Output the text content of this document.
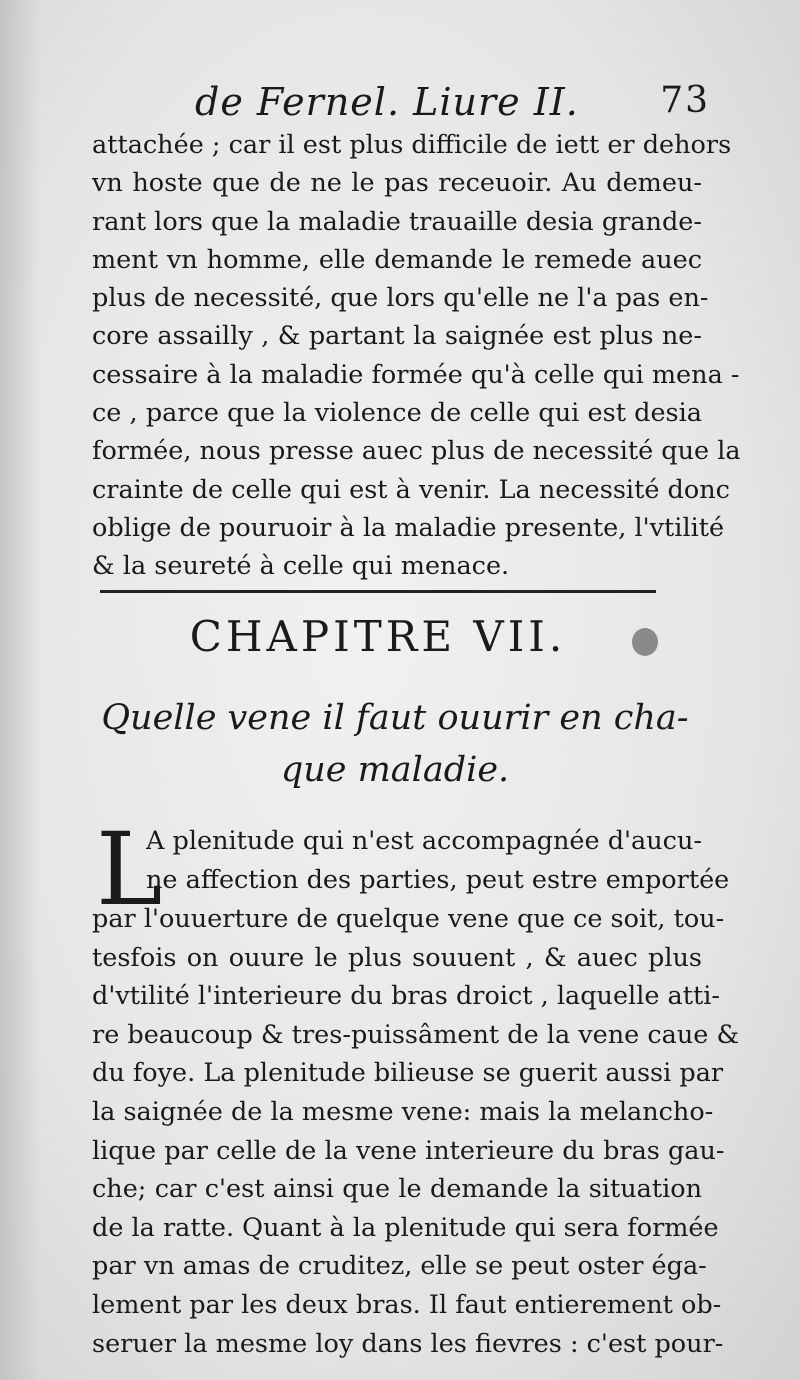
de Fernel. Liure II. 73
attachée ; car il est plus difficile de iett er dehors
vn hoste que de ne le pas receuoir. Au demeu-
rant lors que la maladie trauaille desia grande-
ment vn homme, elle demande le remede auec
plus de necessité, que lors qu'elle ne l'a pas en-
core assailly , & partant la saignée est plus ne-
cessaire à la maladie formée qu'à celle qui mena -
ce , parce que la violence de celle qui est desia
formée, nous presse auec plus de necessité que la
crainte de celle qui est à venir. La necessité donc
oblige de pouruoir à la maladie presente, l'vtilité
& la seureté à celle qui menace.
CHAPITRE VII.
Quelle vene il faut ouurir en cha-
que maladie.
L
A plenitude qui n'est accompagnée d'aucu-
ne affection des parties, peut estre emportée
par l'ouuerture de quelque vene que ce soit, tou-
tesfois on ouure le plus souuent , & auec plus
d'vtilité l'interieure du bras droict , laquelle atti-
re beaucoup & tres-puissâment de la vene caue &
du foye. La plenitude bilieuse se guerit aussi par
la saignée de la mesme vene: mais la melancho-
lique par celle de la vene interieure du bras gau-
che; car c'est ainsi que le demande la situation
de la ratte. Quant à la plenitude qui sera formée
par vn amas de cruditez, elle se peut oster éga-
lement par les deux bras. Il faut entierement ob-
seruer la mesme loy dans les fievres : c'est pour-
